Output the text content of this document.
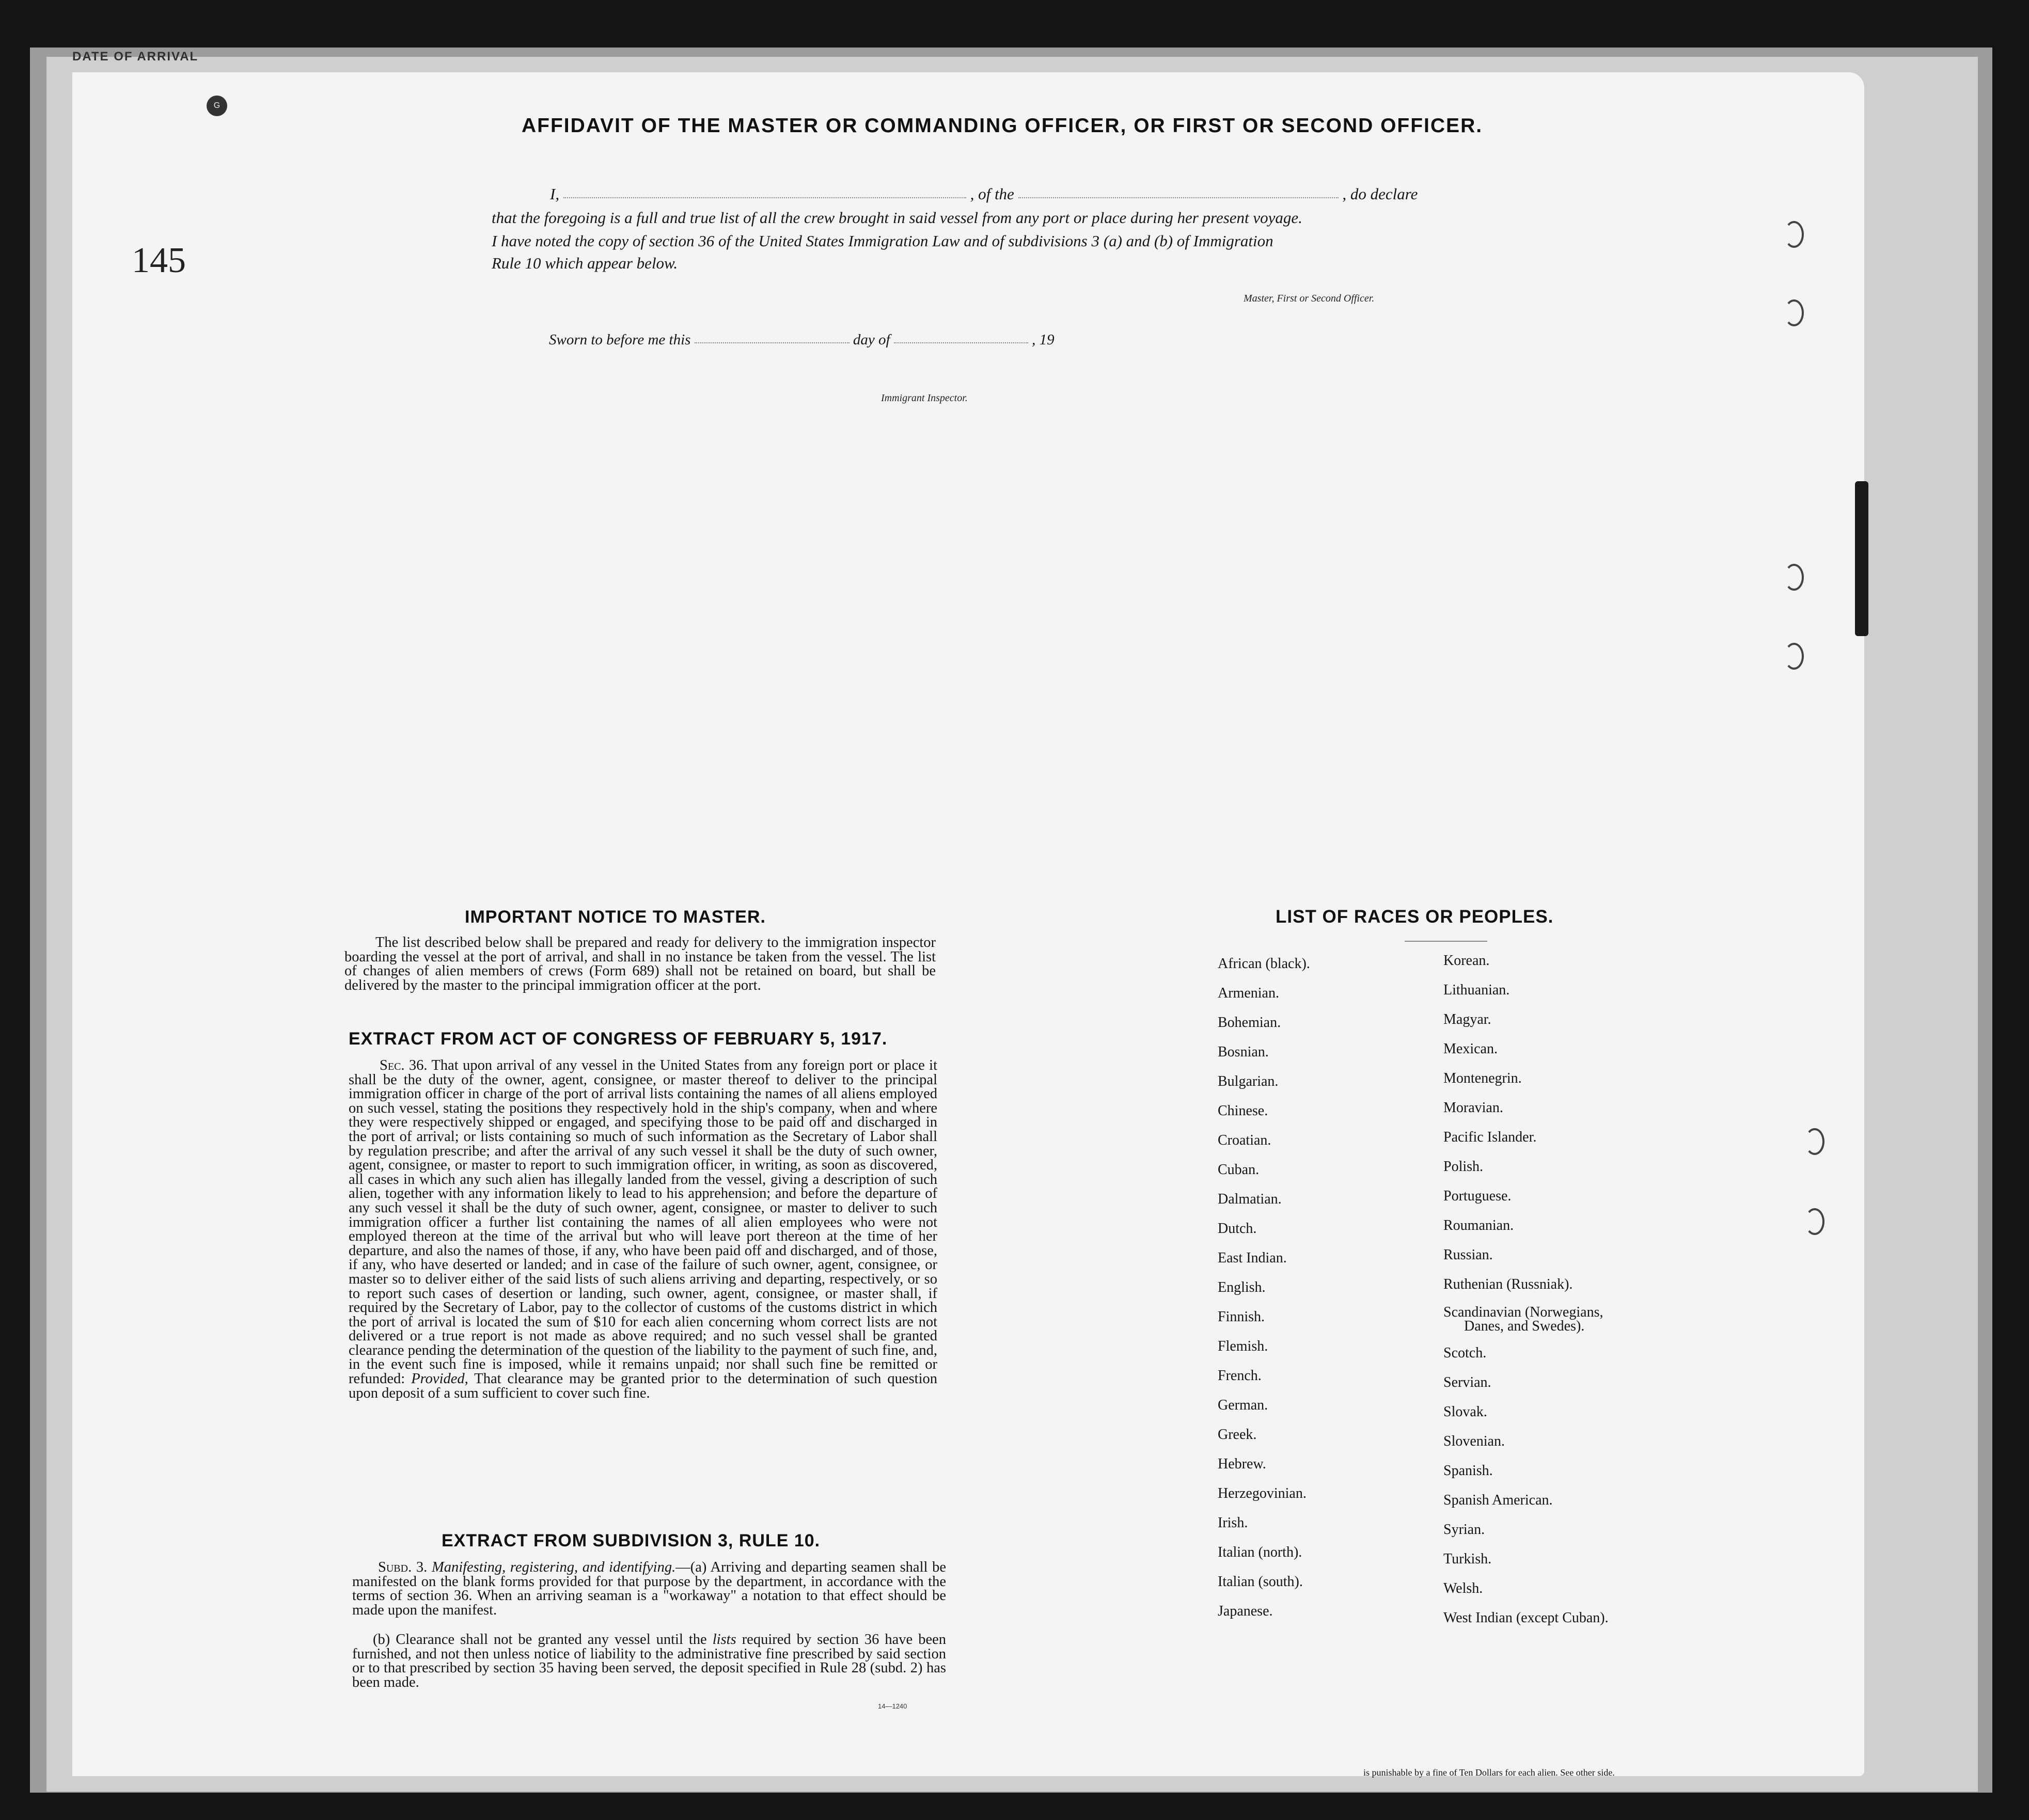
DATE OF ARRIVAL
G
145
AFFIDAVIT OF THE MASTER OR COMMANDING OFFICER, OR FIRST OR SECOND OFFICER.
I,	, of the	, do declare
that the foregoing is a full and true list of all the crew brought in said vessel from any port or place during her present voyage.
I have noted the copy of section 36 of the United States Immigration Law and of subdivisions 3 (a) and (b) of Immigration
Rule 10 which appear below.
Master, First or Second Officer.
Sworn to before me this	day of	, 19
Immigrant Inspector.
IMPORTANT NOTICE TO MASTER.

The list described below shall be prepared and ready for delivery to the immigration inspector boarding the vessel at the port of arrival, and shall in no instance be taken from the vessel. The list of changes of alien members of crews (Form 689) shall not be retained on board, but shall be delivered by the master to the principal immigration officer at the port.

EXTRACT FROM ACT OF CONGRESS OF FEBRUARY 5, 1917.

Sec. 36. That upon arrival of any vessel in the United States from any foreign port or place it shall be the duty of the owner, agent, consignee, or master thereof to deliver to the principal immigration officer in charge of the port of arrival lists containing the names of all aliens employed on such vessel, stating the positions they respectively hold in the ship's company, when and where they were respectively shipped or engaged, and specifying those to be paid off and discharged in the port of arrival; or lists containing so much of such information as the Secretary of Labor shall by regulation prescribe; and after the arrival of any such vessel it shall be the duty of such owner, agent, consignee, or master to report to such immigration officer, in writing, as soon as discovered, all cases in which any such alien has illegally landed from the vessel, giving a description of such alien, together with any information likely to lead to his apprehension; and before the departure of any such vessel it shall be the duty of such owner, agent, consignee, or master to deliver to such immigration officer a further list containing the names of all alien employees who were not employed thereon at the time of the arrival but who will leave port thereon at the time of her departure, and also the names of those, if any, who have been paid off and discharged, and of those, if any, who have deserted or landed; and in case of the failure of such owner, agent, consignee, or master so to deliver either of the said lists of such aliens arriving and departing, respectively, or so to report such cases of desertion or landing, such owner, agent, consignee, or master shall, if required by the Secretary of Labor, pay to the collector of customs of the customs district in which the port of arrival is located the sum of $10 for each alien concerning whom correct lists are not delivered or a true report is not made as above required; and no such vessel shall be granted clearance pending the determination of the question of the liability to the payment of such fine, and, in the event such fine is imposed, while it remains unpaid; nor shall such fine be remitted or refunded: Provided, That clearance may be granted prior to the determination of such question upon deposit of a sum sufficient to cover such fine.

EXTRACT FROM SUBDIVISION 3, RULE 10.

Subd. 3. Manifesting, registering, and identifying.—(a) Arriving and departing seamen shall be manifested on the blank forms provided for that purpose by the department, in accordance with the terms of section 36. When an arriving seaman is a "workaway" a notation to that effect should be made upon the manifest.

(b) Clearance shall not be granted any vessel until the lists required by section 36 have been furnished, and not then unless notice of liability to the administrative fine prescribed by said section or to that prescribed by section 35 having been served, the deposit specified in Rule 28 (subd. 2) has been made.

14—1240
LIST OF RACES OR PEOPLES.
African (black).
Armenian.
Bohemian.
Bosnian.
Bulgarian.
Chinese.
Croatian.
Cuban.
Dalmatian.
Dutch.
East Indian.
English.
Finnish.
Flemish.
French.
German.
Greek.
Hebrew.
Herzegovinian.
Irish.
Italian (north).
Italian (south).
Japanese.
Korean.
Lithuanian.
Magyar.
Mexican.
Montenegrin.
Moravian.
Pacific Islander.
Polish.
Portuguese.
Roumanian.
Russian.
Ruthenian (Russniak).
Scandinavian (Norwegians,
Danes, and Swedes).
Scotch.
Servian.
Slovak.
Slovenian.
Spanish.
Spanish American.
Syrian.
Turkish.
Welsh.
West Indian (except Cuban).
is punishable by a fine of Ten Dollars for each alien. See other side.
